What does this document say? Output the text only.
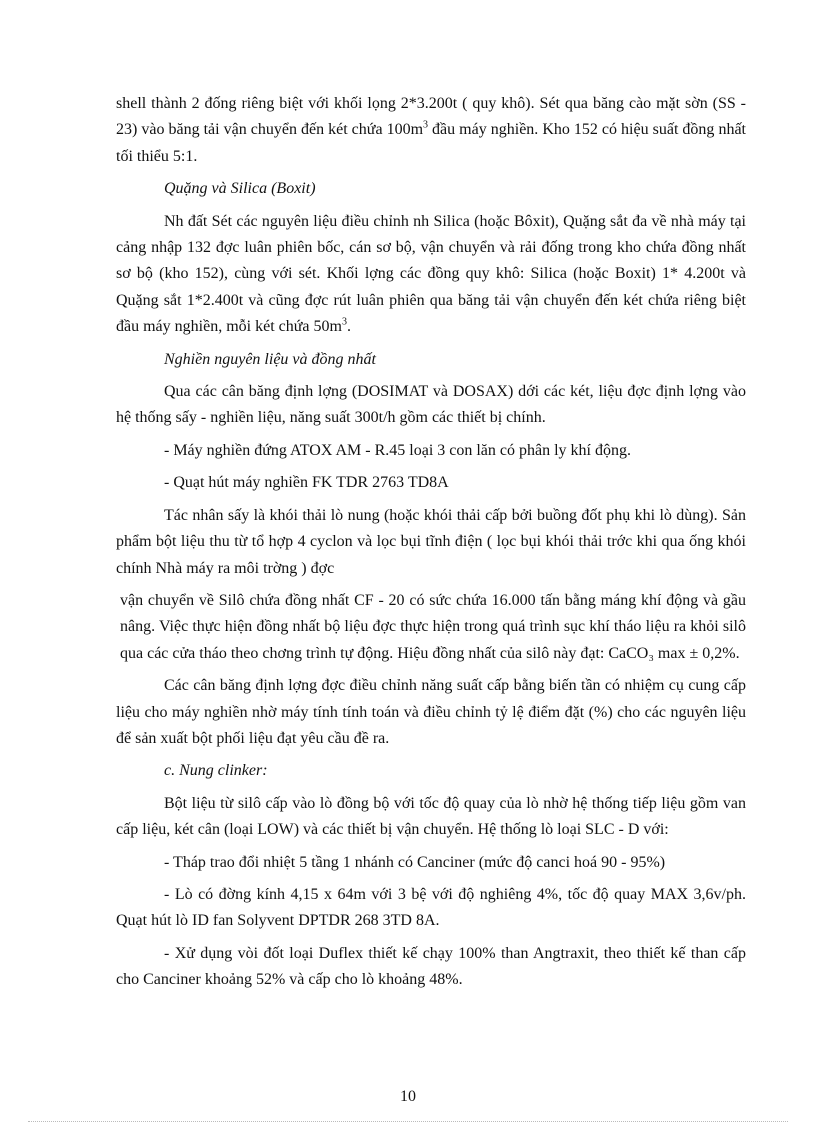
shell thành 2 đống riêng biệt với khối lọng 2*3.200t ( quy khô). Sét qua băng cào mặt sờn (SS - 23) vào băng tải vận chuyển đến két chứa $100m^3$ đầu máy nghiền. Kho 152 có hiệu suất đồng nhất tối thiểu 5:1.

Quặng và Silica (Boxit)

Nh đất Sét các nguyên liệu điều chỉnh nh Silica (hoặc Bôxit), Quặng sắt đa về nhà máy tại cảng nhập 132 đợc luân phiên bốc, cán sơ bộ, vận chuyển và rải đống trong kho chứa đồng nhất sơ bộ (kho 152), cùng với sét. Khối lợng các đồng quy khô: Silica (hoặc Boxit) 1* 4.200t và Quặng sắt 1*2.400t và cũng đợc rút luân phiên qua băng tải vận chuyển đến két chứa riêng biệt đầu máy nghiền, mỗi két chứa $50m^3$.

Nghiền nguyên liệu và đồng nhất

Qua các cân băng định lợng (DOSIMAT và DOSAX) dới các két, liệu đợc định lợng vào hệ thống sấy - nghiền liệu, năng suất 300t/h gồm các thiết bị chính.

- Máy nghiền đứng ATOX AM - R.45 loại 3 con lăn có phân ly khí động.

- Quạt hút máy nghiền FK TDR 2763 TD8A

Tác nhân sấy là khói thải lò nung (hoặc khói thải cấp bởi buồng đốt phụ khi lò dùng). Sản phẩm bột liệu thu từ tổ hợp 4 cyclon và lọc bụi tĩnh điện ( lọc bụi khói thải trớc khi qua ống khói chính Nhà máy ra môi trờng ) đợc

vận chuyển về Silô chứa đồng nhất CF - 20 có sức chứa 16.000 tấn bằng máng khí động và gầu nâng. Việc thực hiện đồng nhất bộ liệu đợc thực hiện trong quá trình sục khí tháo liệu ra khỏi silô qua các cửa tháo theo chơng trình tự động. Hiệu đồng nhất của silô này đạt: CaCO₃ max ± 0,2%.

Các cân băng định lợng đợc điều chỉnh năng suất cấp bằng biến tần có nhiệm cụ cung cấp liệu cho máy nghiền nhờ máy tính tính toán và điều chỉnh tỷ lệ điểm đặt (%) cho các nguyên liệu để sản xuất bột phối liệu đạt yêu cầu đề ra.

c. Nung clinker:

Bột liệu từ silô cấp vào lò đồng bộ với tốc độ quay của lò nhờ hệ thống tiếp liệu gồm van cấp liệu, két cân (loại LOW) và các thiết bị vận chuyển. Hệ thống lò loại SLC - D với:

- Tháp trao đổi nhiệt 5 tầng 1 nhánh có Canciner (mức độ canci hoá 90 - 95%)

- Lò có đờng kính 4,15 x 64m với 3 bệ với độ nghiêng 4%, tốc độ quay MAX 3,6v/ph. Quạt hút lò ID fan Solyvent DPTDR 268 3TD 8A.

- Xử dụng vòi đốt loại Duflex thiết kế chạy 100% than Angtraxit, theo thiết kế than cấp cho Canciner khoảng 52% và cấp cho lò khoảng 48%.

10
